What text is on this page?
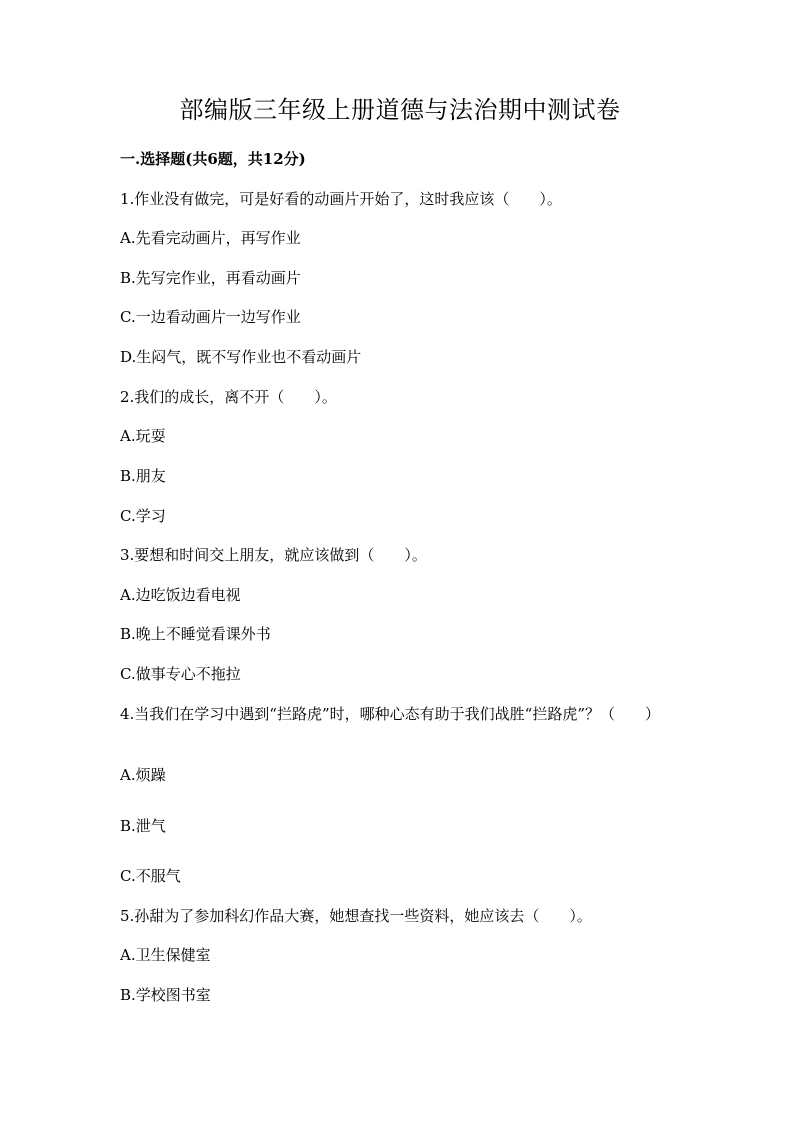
部编版三年级上册道德与法治期中测试卷
一.选择题(共6题，共12分)
1.作业没有做完，可是好看的动画片开始了，这时我应该（　　）。
A.先看完动画片，再写作业
B.先写完作业，再看动画片
C.一边看动画片一边写作业
D.生闷气，既不写作业也不看动画片
2.我们的成长，离不开（　　）。
A.玩耍
B.朋友
C.学习
3.要想和时间交上朋友，就应该做到（　　）。
A.边吃饭边看电视
B.晚上不睡觉看课外书
C.做事专心不拖拉
4.当我们在学习中遇到“拦路虎”时，哪种心态有助于我们战胜“拦路虎”？（　　）
A.烦躁
B.泄气
C.不服气
5.孙甜为了参加科幻作品大赛，她想查找一些资料，她应该去（　　）。
A.卫生保健室
B.学校图书室
